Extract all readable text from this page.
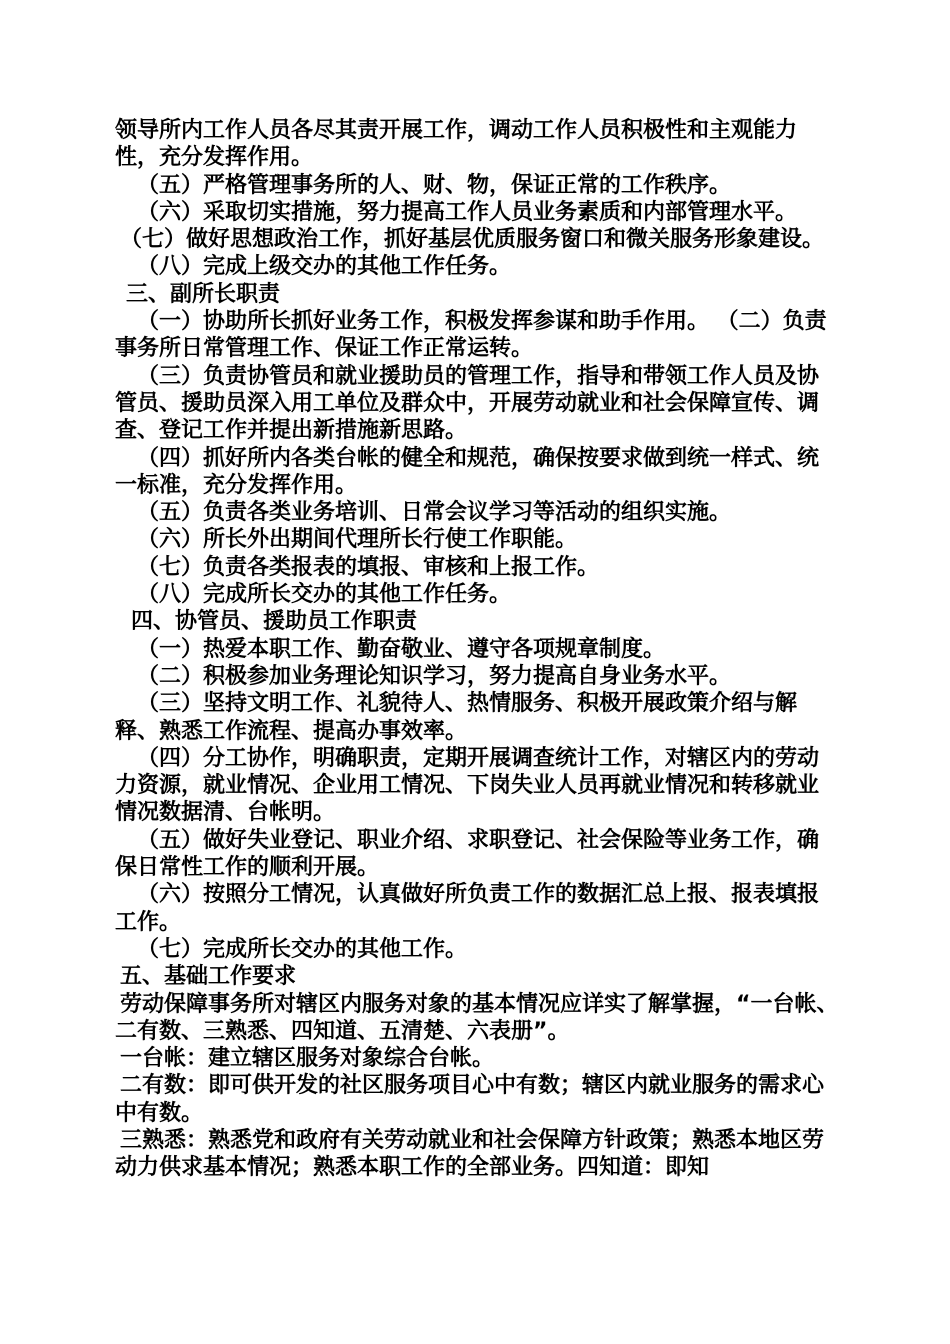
领导所内工作人员各尽其责开展工作，调动工作人员积极性和主观能力性，充分发挥作用。

（五）严格管理事务所的人、财、物，保证正常的工作秩序。

（六）采取切实措施，努力提高工作人员业务素质和内部管理水平。

（七）做好思想政治工作，抓好基层优质服务窗口和微关服务形象建设。

（八）完成上级交办的其他工作任务。

三、副所长职责

（一）协助所长抓好业务工作，积极发挥参谋和助手作用。 （二）负责事务所日常管理工作、保证工作正常运转。

（三）负责协管员和就业援助员的管理工作，指导和带领工作人员及协管员、援助员深入用工单位及群众中，开展劳动就业和社会保障宣传、调查、登记工作并提出新措施新思路。

（四）抓好所内各类台帐的健全和规范，确保按要求做到统一样式、统一标准，充分发挥作用。

（五）负责各类业务培训、日常会议学习等活动的组织实施。

（六）所长外出期间代理所长行使工作职能。

（七）负责各类报表的填报、审核和上报工作。

（八）完成所长交办的其他工作任务。

四、协管员、援助员工作职责

（一）热爱本职工作、勤奋敬业、遵守各项规章制度。

（二）积极参加业务理论知识学习，努力提高自身业务水平。

（三）坚持文明工作、礼貌待人、热情服务、积极开展政策介绍与解释、熟悉工作流程、提高办事效率。

（四）分工协作，明确职责，定期开展调查统计工作，对辖区内的劳动力资源，就业情况、企业用工情况、下岗失业人员再就业情况和转移就业情况数据清、台帐明。

（五）做好失业登记、职业介绍、求职登记、社会保险等业务工作，确保日常性工作的顺利开展。

（六）按照分工情况，认真做好所负责工作的数据汇总上报、报表填报工作。

（七）完成所长交办的其他工作。

五、基础工作要求

劳动保障事务所对辖区内服务对象的基本情况应详实了解掌握，“一台帐、二有数、三熟悉、四知道、五清楚、六表册”。

一台帐：建立辖区服务对象综合台帐。

二有数：即可供开发的社区服务项目心中有数；辖区内就业服务的需求心中有数。

三熟悉：熟悉党和政府有关劳动就业和社会保障方针政策；熟悉本地区劳动力供求基本情况；熟悉本职工作的全部业务。四知道：即知
